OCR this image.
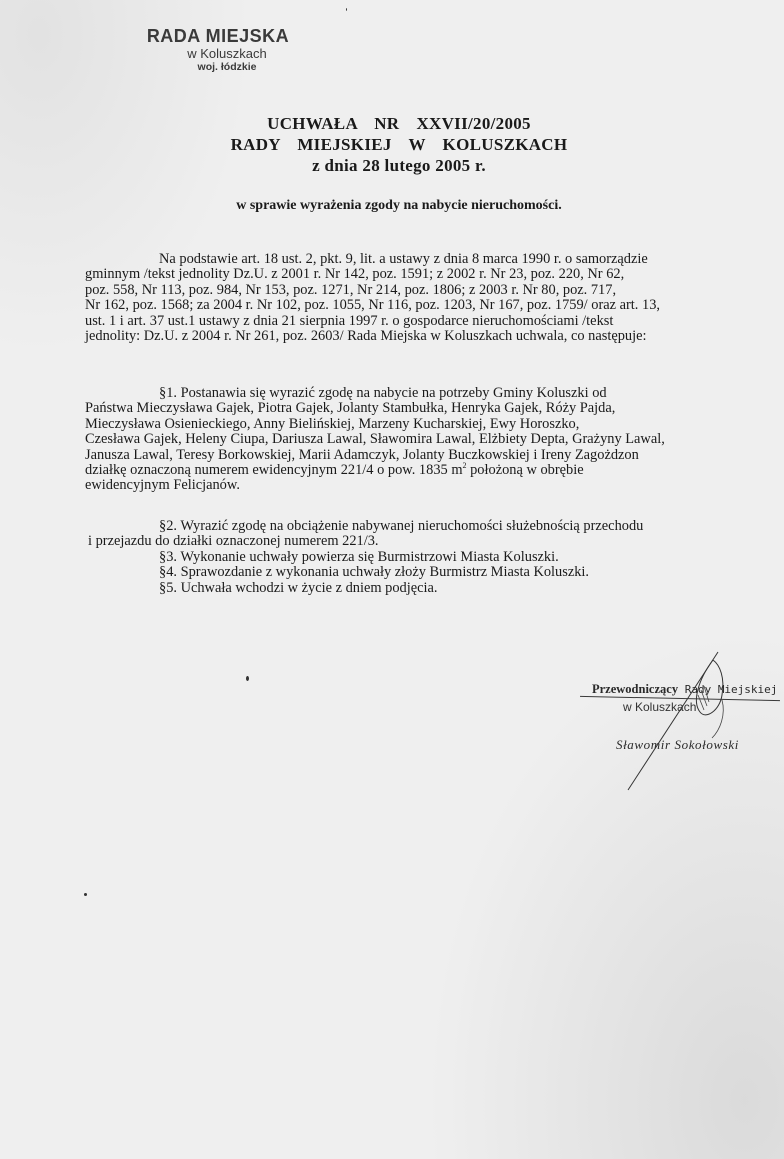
RADA MIEJSKA
w Koluszkach
woj. łódzkie
UCHWAŁA  NR  XXVII/20/2005
RADY  MIEJSKIEJ  W  KOLUSZKACH
z dnia 28 lutego 2005 r.
w sprawie wyrażenia zgody na nabycie nieruchomości.
Na podstawie art. 18 ust. 2, pkt. 9, lit. a ustawy z dnia 8 marca 1990 r. o samorządzie
gminnym /tekst jednolity Dz.U. z 2001 r. Nr 142, poz. 1591; z 2002 r. Nr 23, poz. 220, Nr 62,
poz. 558, Nr 113, poz. 984, Nr 153, poz. 1271, Nr 214, poz. 1806; z 2003 r. Nr 80, poz. 717,
Nr 162, poz. 1568; za 2004 r. Nr 102, poz. 1055, Nr 116, poz. 1203, Nr 167, poz. 1759/ oraz art. 13,
ust. 1 i art. 37 ust.1 ustawy z dnia 21 sierpnia 1997 r. o gospodarce nieruchomościami /tekst
jednolity: Dz.U. z 2004 r. Nr 261, poz. 2603/ Rada Miejska w Koluszkach uchwala, co następuje:
§1. Postanawia się wyrazić zgodę na nabycie na potrzeby Gminy Koluszki od
Państwa Mieczysława Gajek, Piotra Gajek, Jolanty Stambułka, Henryka Gajek, Róży Pajda,
Mieczysława Osienieckiego, Anny Bielińskiej, Marzeny Kucharskiej, Ewy Horoszko,
Czesława Gajek, Heleny Ciupa, Dariusza Lawal, Sławomira Lawal, Elżbiety Depta, Grażyny Lawal,
Janusza Lawal, Teresy Borkowskiej, Marii Adamczyk, Jolanty Buczkowskiej i Ireny Zagożdzon
działkę oznaczoną numerem ewidencyjnym 221/4 o pow. 1835 $m^2$ położoną w obrębie
ewidencyjnym Felicjanów.
§2. Wyrazić zgodę na obciążenie nabywanej nieruchomości służebnością przechodu
i przejazdu do działki oznaczonej numerem 221/3.
§3. Wykonanie uchwały powierza się Burmistrzowi Miasta Koluszki.
§4. Sprawozdanie z wykonania uchwały złoży Burmistrz Miasta Koluszki.
§5. Uchwała wchodzi w życie z dniem podjęcia.
Przewodniczący Rady Miejskiej
w Koluszkach
Sławomir Sokołowski
